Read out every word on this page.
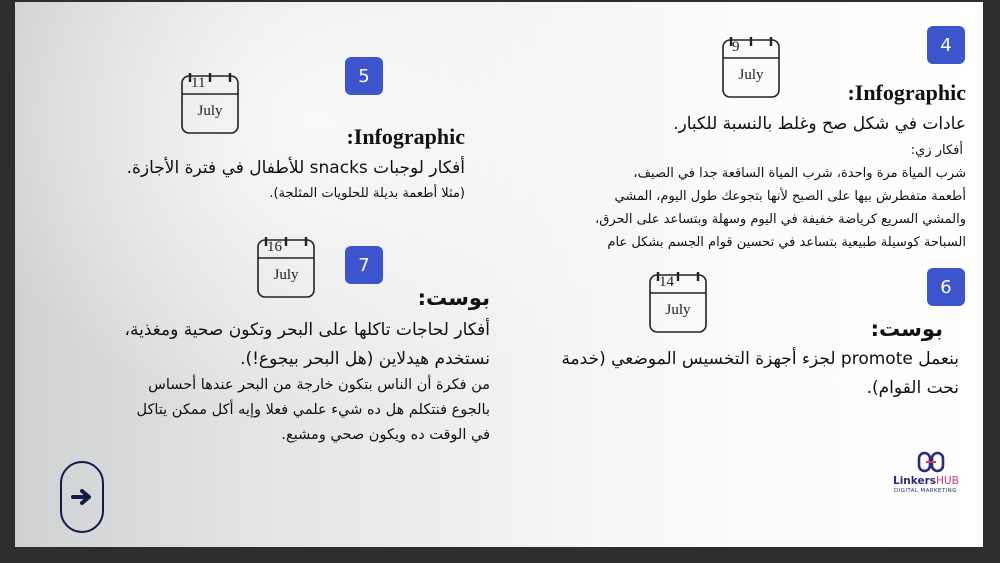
4
9
July
:Infographic
عادات في شكل صح وغلط بالنسبة للكبار.
أفكار زي:
شرب المياة مرة واحدة، شرب المياة الساقعة جدا في الصيف،
أطعمة متفطرش بيها على الصبح لأنها بتجوعك طول اليوم، المشي
والمشي السريع كرياضة خفيفة في اليوم وسهلة وبتساعد على الحرق،
السباحة كوسيلة طبيعية بتساعد في تحسين قوام الجسم بشكل عام
5
11
July
:Infographic
أفكار لوجبات snacks للأطفال في فترة الأجازة.
(مثلا أطعمة بديلة للحلويات المثلجة).
6
14
July
بوست:
بنعمل promote لجزء أجهزة التخسيس الموضعي (خدمة
نحت القوام).
7
16
July
بوست:
أفكار لحاجات تاكلها على البحر وتكون صحية ومغذية،
نستخدم هيدلاين (هل البحر بيجوع!).
من فكرة أن الناس بتكون خارجة من البحر عندها أحساس
بالجوع فنتكلم هل ده شيء علمي فعلا وإيه أكل ممكن يتاكل
في الوقت ده ويكون صحي ومشبع.
LinkersHUB
DIGITAL MARKETING
